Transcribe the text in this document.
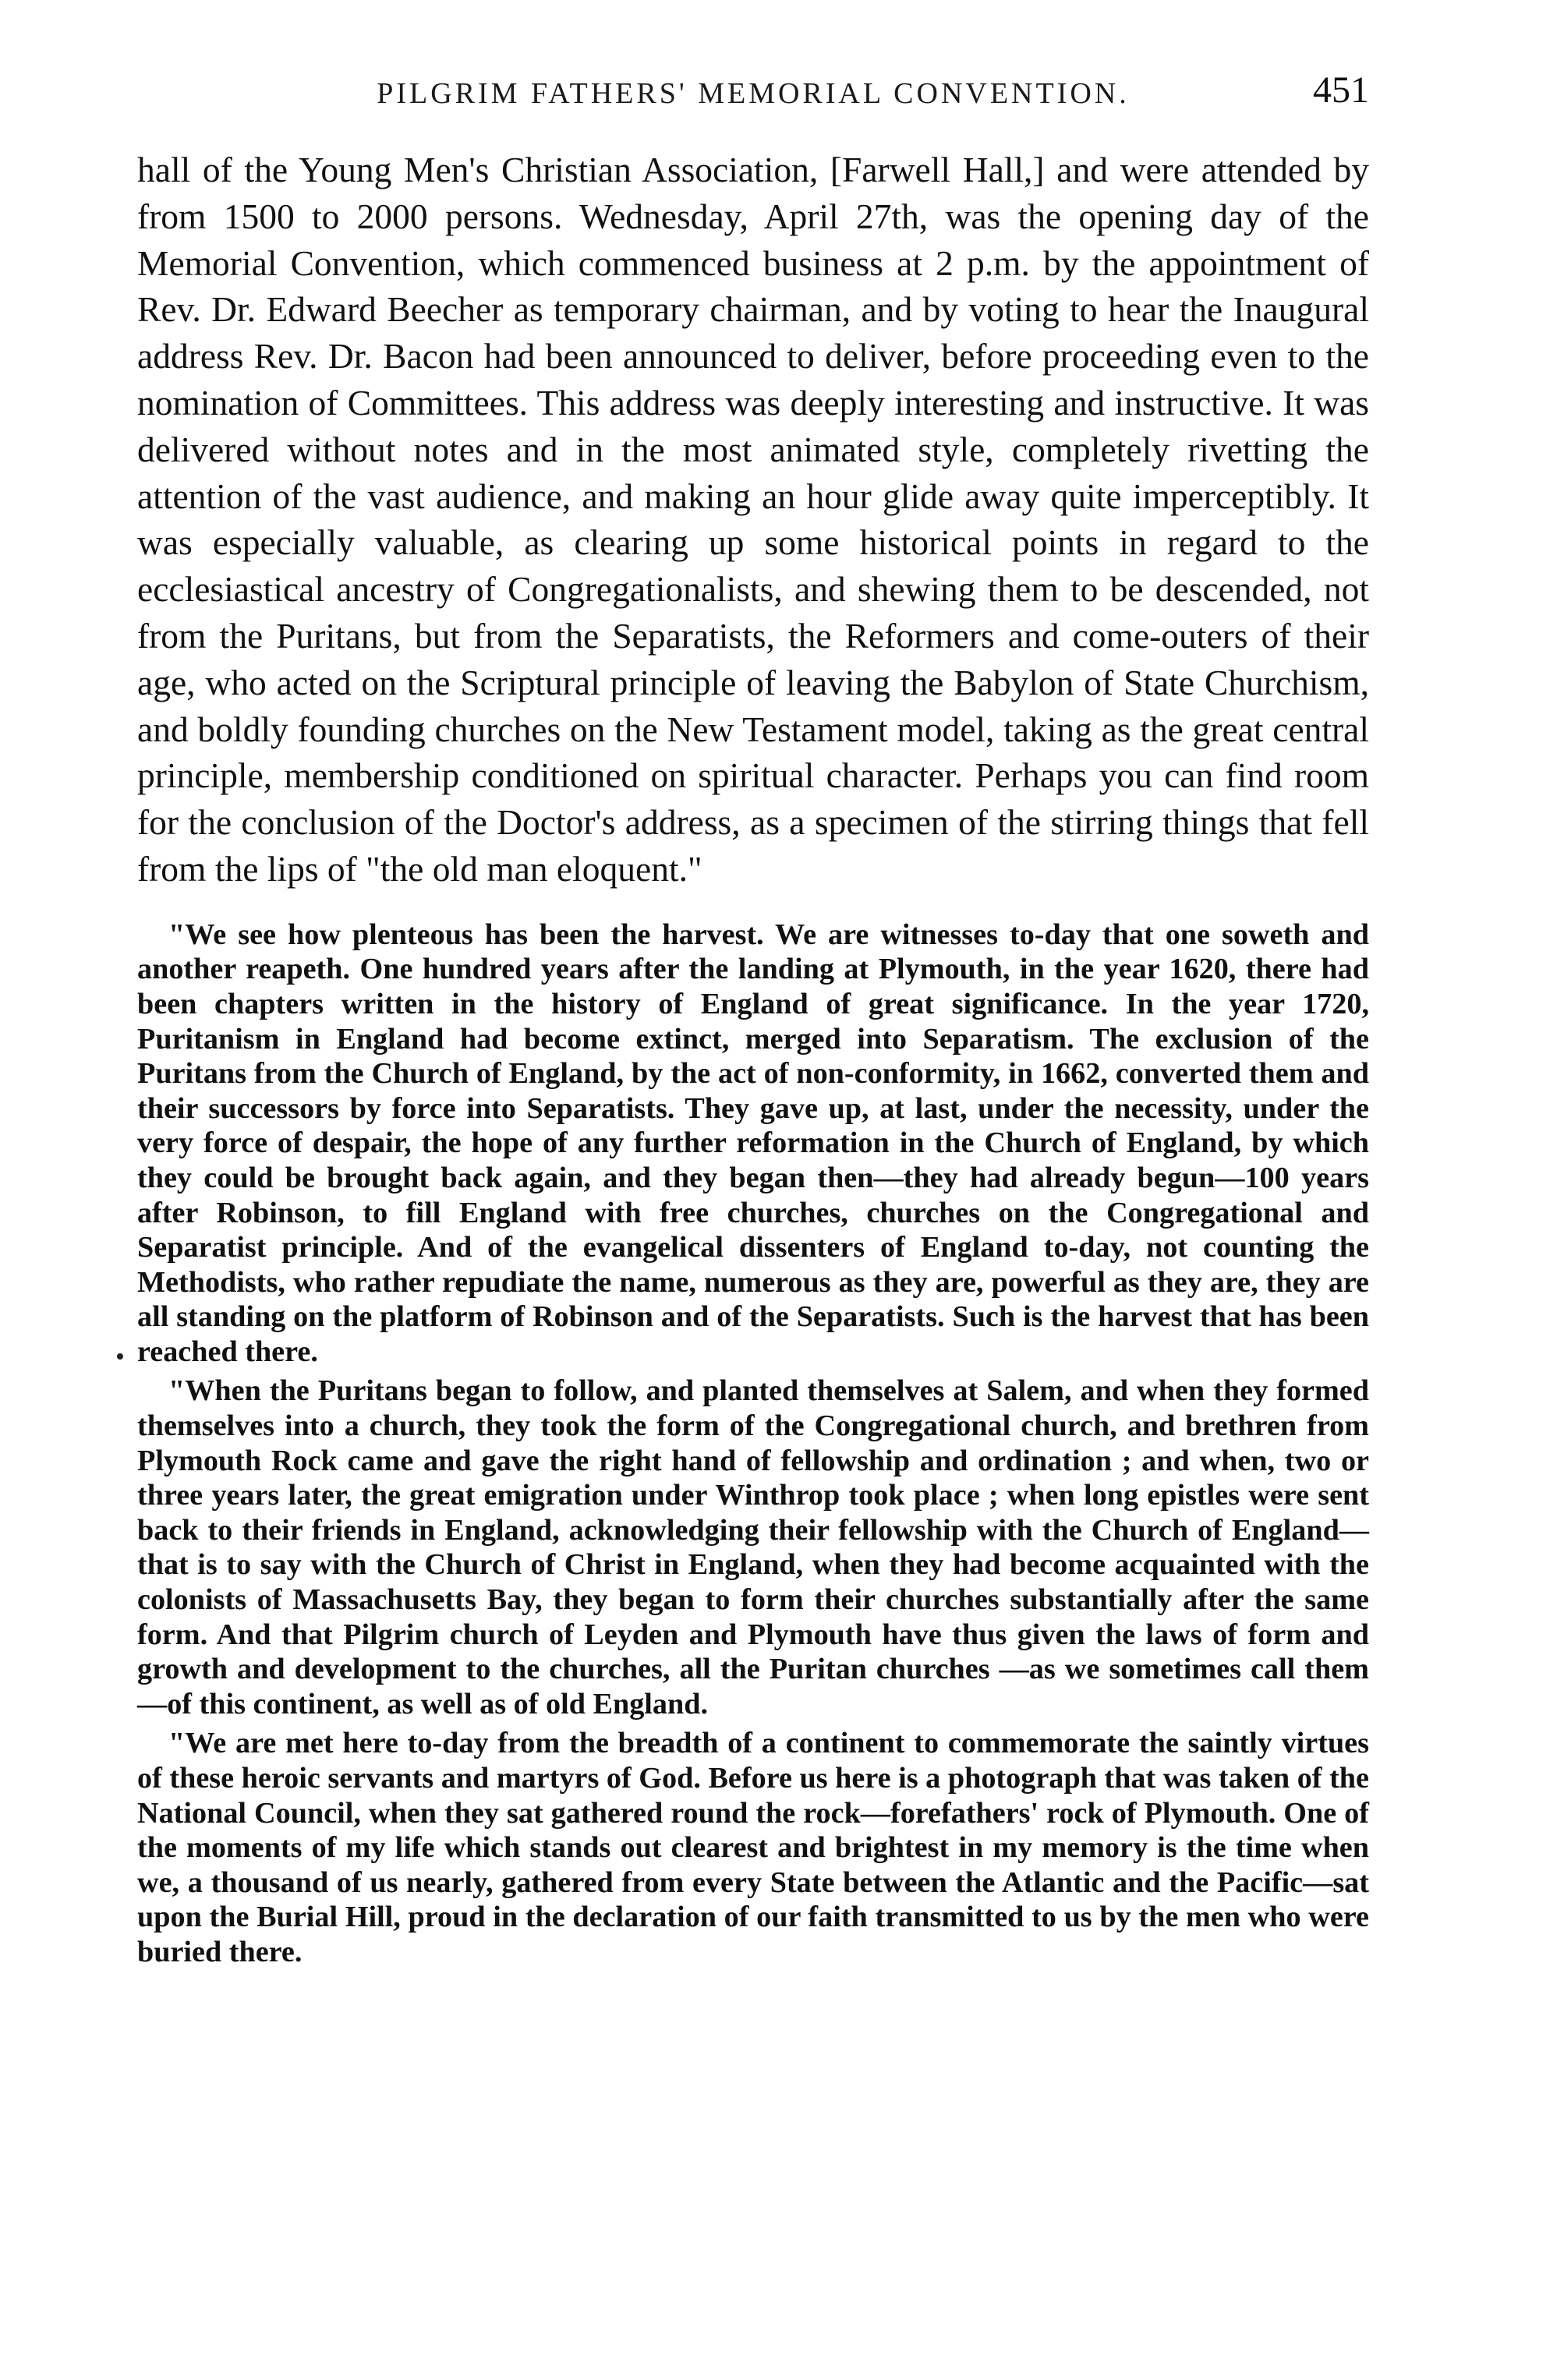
PILGRIM FATHERS' MEMORIAL CONVENTION.	451

hall of the Young Men's Christian Association, [Farwell Hall,] and were attended by from 1500 to 2000 persons. Wednesday, April 27th, was the opening day of the Memorial Convention, which commenced business at 2 p.m. by the appointment of Rev. Dr. Edward Beecher as temporary chairman, and by voting to hear the Inaugural address Rev. Dr. Bacon had been announced to deliver, before proceeding even to the nomination of Committees. This address was deeply interesting and instructive. It was delivered without notes and in the most animated style, completely rivetting the attention of the vast audience, and making an hour glide away quite imperceptibly. It was especially valuable, as clearing up some historical points in regard to the ecclesiastical ancestry of Congregationalists, and shewing them to be descended, not from the Puritans, but from the Separatists, the Reformers and come-outers of their age, who acted on the Scriptural principle of leaving the Babylon of State Churchism, and boldly founding churches on the New Testament model, taking as the great central principle, membership conditioned on spiritual character. Perhaps you can find room for the conclusion of the Doctor's address, as a specimen of the stirring things that fell from the lips of "the old man eloquent."

"We see how plenteous has been the harvest. We are witnesses to-day that one soweth and another reapeth. One hundred years after the landing at Plymouth, in the year 1620, there had been chapters written in the history of England of great significance. In the year 1720, Puritanism in England had become extinct, merged into Separatism. The exclusion of the Puritans from the Church of England, by the act of non-conformity, in 1662, converted them and their successors by force into Separatists. They gave up, at last, under the necessity, under the very force of despair, the hope of any further reformation in the Church of England, by which they could be brought back again, and they began then—they had already begun—100 years after Robinson, to fill England with free churches, churches on the Congregational and Separatist principle. And of the evangelical dissenters of England to-day, not counting the Methodists, who rather repudiate the name, numerous as they are, powerful as they are, they are all standing on the platform of Robinson and of the Separatists. Such is the harvest that has been reached there.

"When the Puritans began to follow, and planted themselves at Salem, and when they formed themselves into a church, they took the form of the Congregational church, and brethren from Plymouth Rock came and gave the right hand of fellowship and ordination ; and when, two or three years later, the great emigration under Winthrop took place ; when long epistles were sent back to their friends in England, acknowledging their fellowship with the Church of England—that is to say with the Church of Christ in England, when they had become acquainted with the colonists of Massachusetts Bay, they began to form their churches substantially after the same form. And that Pilgrim church of Leyden and Plymouth have thus given the laws of form and growth and development to the churches, all the Puritan churches —as we sometimes call them—of this continent, as well as of old England.

"We are met here to-day from the breadth of a continent to commemorate the saintly virtues of these heroic servants and martyrs of God. Before us here is a photograph that was taken of the National Council, when they sat gathered round the rock—forefathers' rock of Plymouth. One of the moments of my life which stands out clearest and brightest in my memory is the time when we, a thousand of us nearly, gathered from every State between the Atlantic and the Pacific—sat upon the Burial Hill, proud in the declaration of our faith transmitted to us by the men who were buried there.

•
